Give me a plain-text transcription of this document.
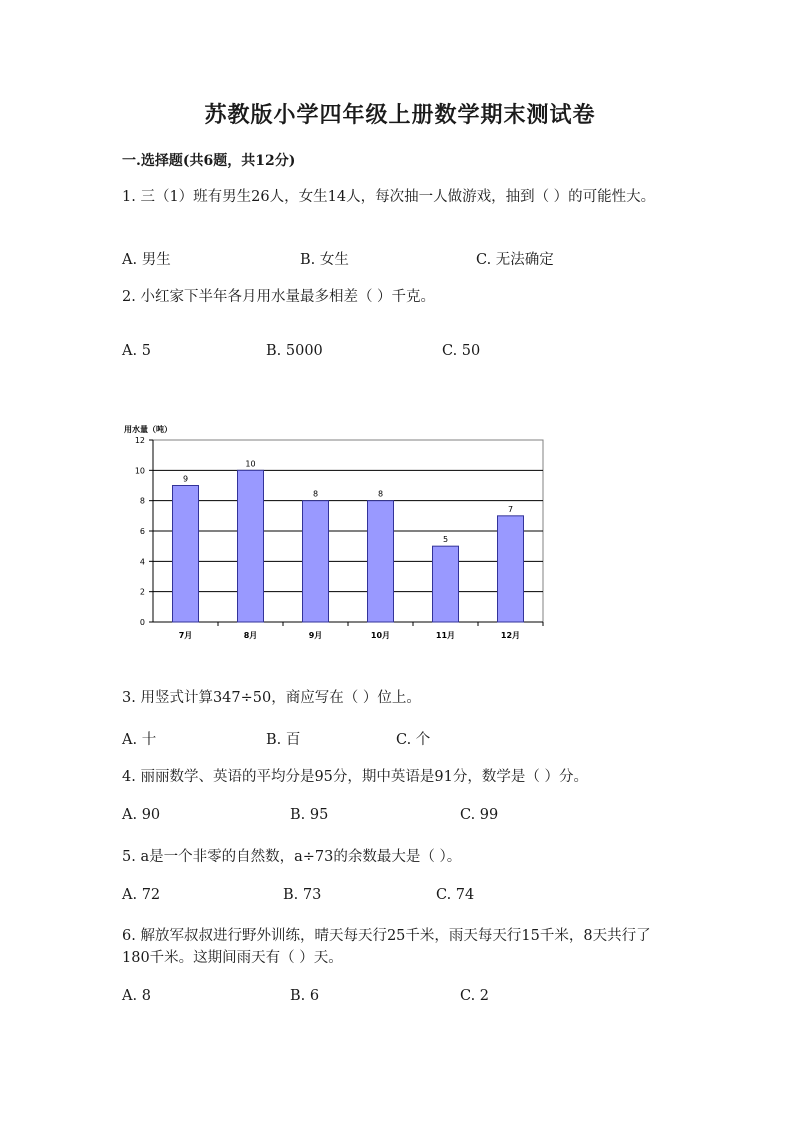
苏教版小学四年级上册数学期末测试卷
一.选择题(共6题，共12分)
1. 三（1）班有男生26人，女生14人，每次抽一人做游戏，抽到（ ）的可能性大。
A. 男生	B. 女生	C. 无法确定
2. 小红家下半年各月用水量最多相差（ ）千克。
A. 5	B. 5000	C. 50
用水量（吨）
0
2
4
6
8
10
12
9
7月
10
8月
8
9月
8
10月
5
11月
7
12月
3. 用竖式计算347÷50，商应写在（ ）位上。
A. 十	B. 百	C. 个
4. 丽丽数学、英语的平均分是95分，期中英语是91分，数学是（ ）分。
A. 90	B. 95	C. 99
5. a是一个非零的自然数，a÷73的余数最大是（ ）。
A. 72	B. 73	C. 74
6. 解放军叔叔进行野外训练，晴天每天行25千米，雨天每天行15千米，8天共行了180千米。这期间雨天有（ ）天。
A. 8	B. 6	C. 2
